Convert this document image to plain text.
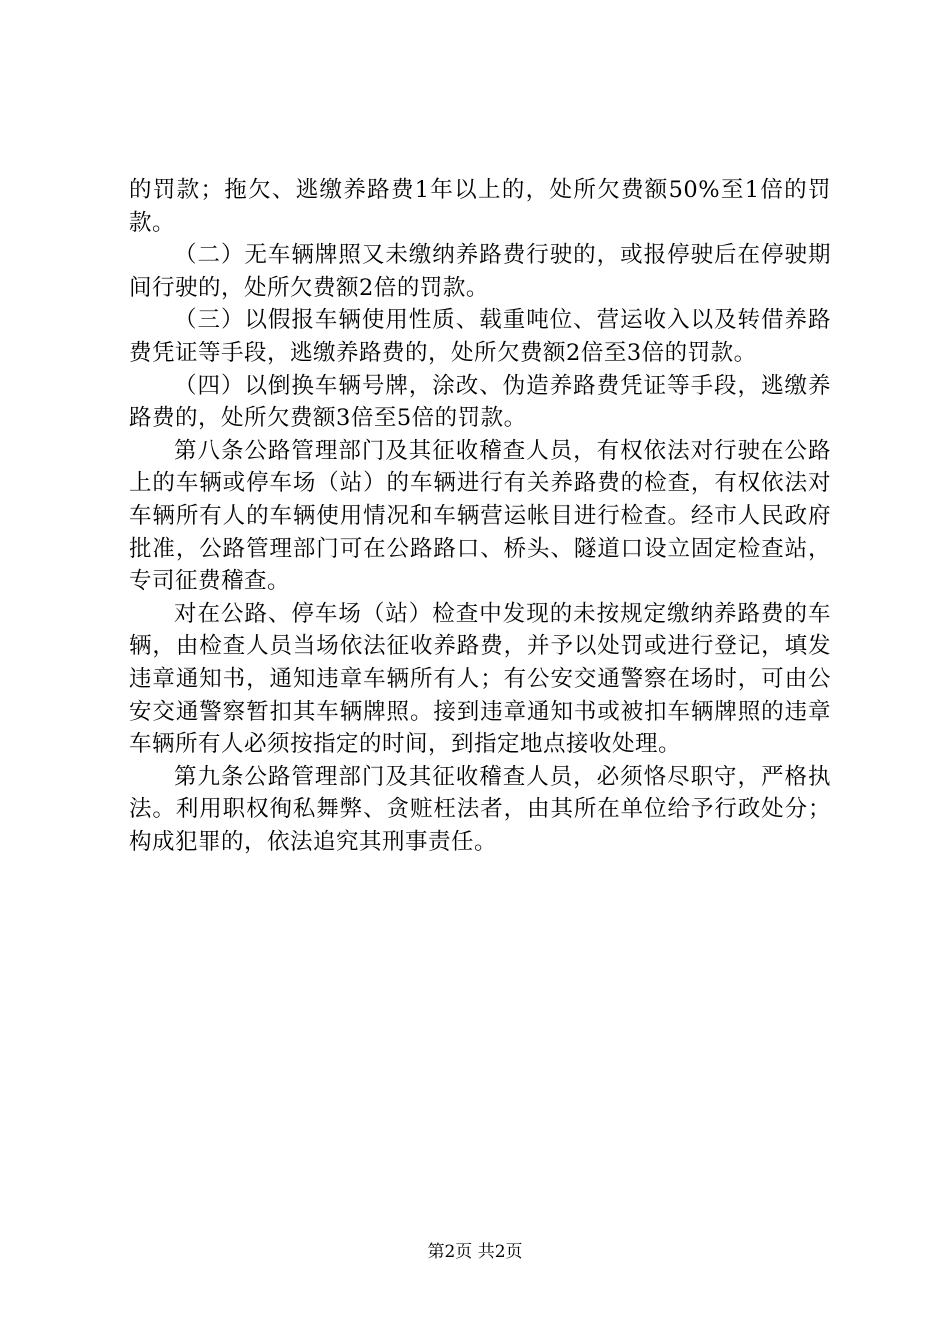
的罚款；拖欠、逃缴养路费1年以上的，处所欠费额50%至1倍的罚款。

（二）无车辆牌照又未缴纳养路费行驶的，或报停驶后在停驶期间行驶的，处所欠费额2倍的罚款。

（三）以假报车辆使用性质、载重吨位、营运收入以及转借养路费凭证等手段，逃缴养路费的，处所欠费额2倍至3倍的罚款。

（四）以倒换车辆号牌，涂改、伪造养路费凭证等手段，逃缴养路费的，处所欠费额3倍至5倍的罚款。

第八条公路管理部门及其征收稽查人员，有权依法对行驶在公路上的车辆或停车场（站）的车辆进行有关养路费的检查，有权依法对车辆所有人的车辆使用情况和车辆营运帐目进行检查。经市人民政府批准，公路管理部门可在公路路口、桥头、隧道口设立固定检查站，专司征费稽查。

对在公路、停车场（站）检查中发现的未按规定缴纳养路费的车辆，由检查人员当场依法征收养路费，并予以处罚或进行登记，填发违章通知书，通知违章车辆所有人；有公安交通警察在场时，可由公安交通警察暂扣其车辆牌照。接到违章通知书或被扣车辆牌照的违章车辆所有人必须按指定的时间，到指定地点接收处理。

第九条公路管理部门及其征收稽查人员，必须恪尽职守，严格执法。利用职权徇私舞弊、贪赃枉法者，由其所在单位给予行政处分；构成犯罪的，依法追究其刑事责任。

第2页 共2页
